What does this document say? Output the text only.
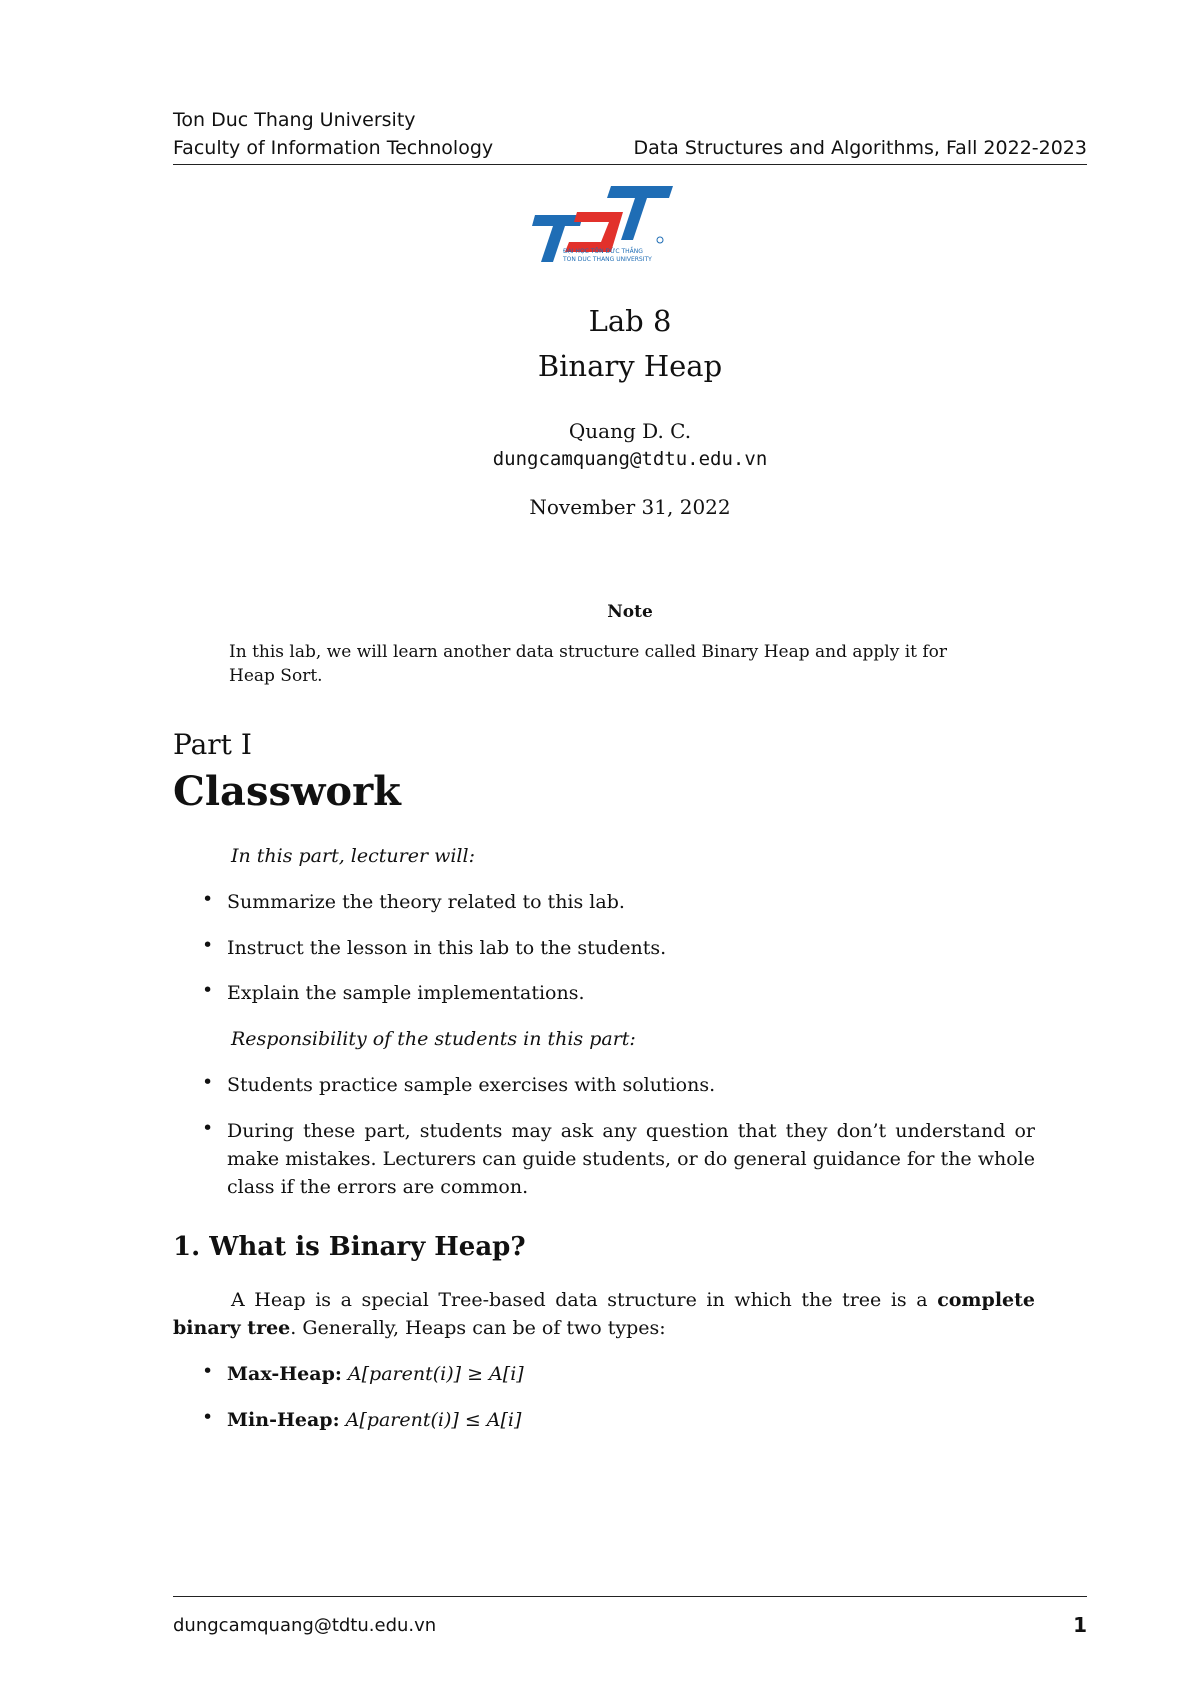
Ton Duc Thang University
Faculty of Information Technology	Data Structures and Algorithms, Fall 2022-2023
ĐẠI HỌC TÔN ĐỨC THẮNG
TON DUC THANG UNIVERSITY
Lab 8
Binary Heap
Quang D. C.
dungcamquang@tdtu.edu.vn
November 31, 2022
Note
In this lab, we will learn another data structure called Binary Heap and apply it for Heap Sort.
Part I
Classwork
In this part, lecturer will:
• Summarize the theory related to this lab.
• Instruct the lesson in this lab to the students.
• Explain the sample implementations.
Responsibility of the students in this part:
• Students practice sample exercises with solutions.
• During these part, students may ask any question that they don’t understand or make mistakes. Lecturers can guide students, or do general guidance for the whole class if the errors are common.
1. What is Binary Heap?
A Heap is a special Tree-based data structure in which the tree is a complete binary tree. Generally, Heaps can be of two types:
• Max-Heap: A[parent(i)] ≥ A[i]
• Min-Heap: A[parent(i)] ≤ A[i]
dungcamquang@tdtu.edu.vn	1
